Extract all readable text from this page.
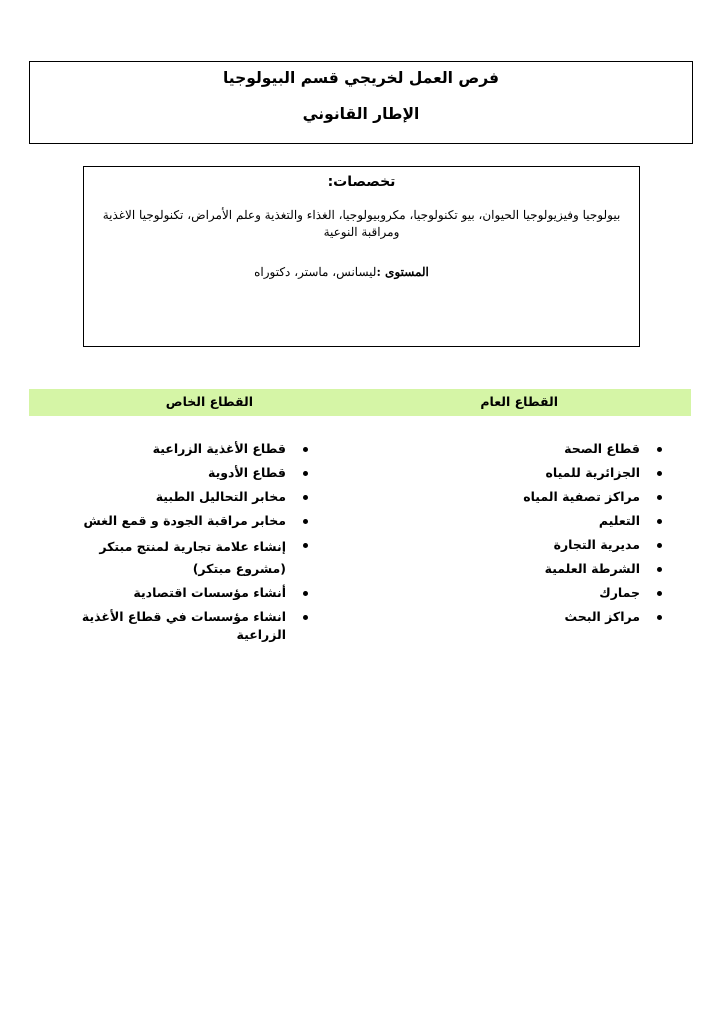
فرص العمل لخريجي قسم البيولوجيا
الإطار القانوني
تخصصات:
بيولوجيا وفيزيولوجيا الحيوان، بيو تكنولوجيا، مكروبيولوجيا، الغذاء والتغذية وعلم الأمراض، تكنولوجيا الاغذية ومراقبة النوعية
المستوى :ليسانس، ماستر، دكتوراه
القطاع العام
القطاع الخاص
قطاع الصحة
الجزائرية للمياه
مراكز تصفية المياه
التعليم
مديرية التجارة
الشرطة العلمية
جمارك
مراكز البحث
قطاع الأغذية الزراعية
قطاع الأدوية
مخابر التحاليل الطبية
مخابر مراقبة الجودة و قمع الغش
إنشاء علامة تجارية لمنتج مبتكر (مشروع مبتكر)
أنشاء مؤسسات اقتصادية
انشاء مؤسسات في قطاع الأغذية الزراعية
